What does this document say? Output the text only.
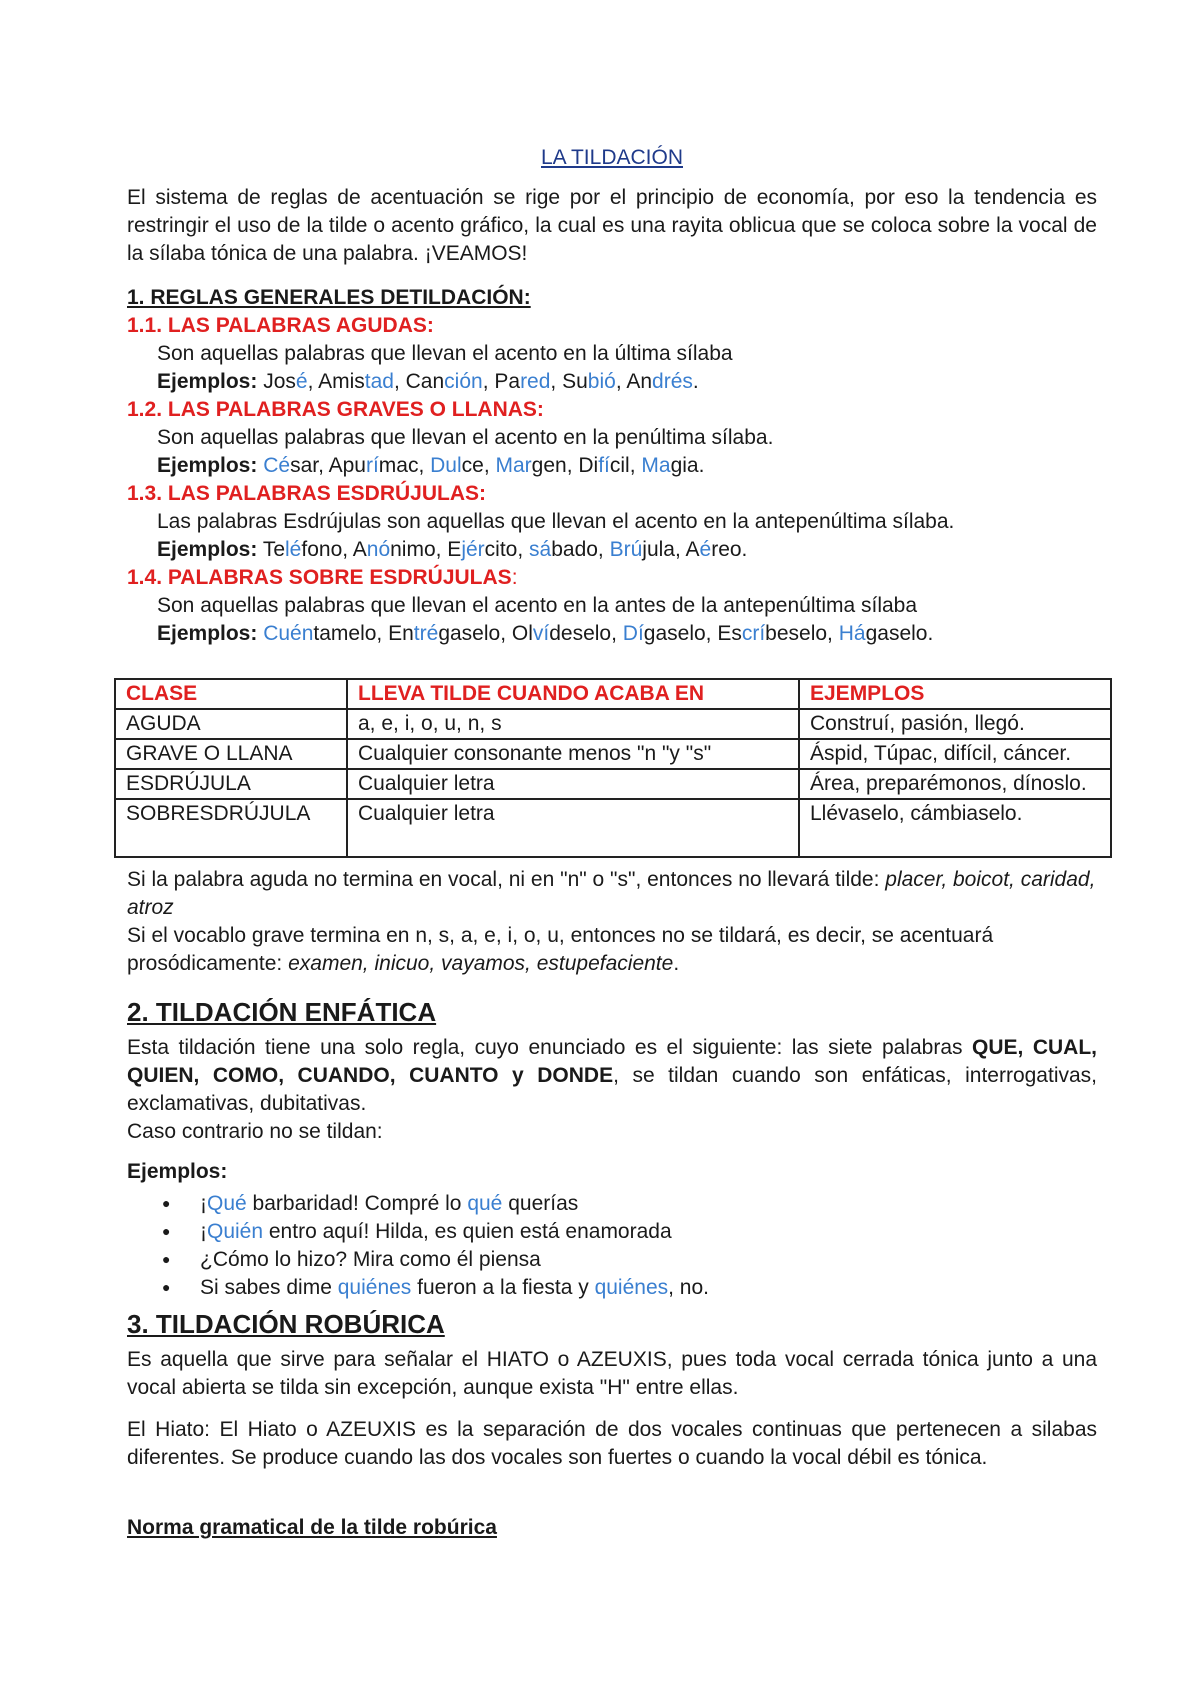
LA TILDACIÓN

El sistema de reglas de acentuación se rige por el principio de economía, por eso la tendencia es restringir el uso de la tilde o acento gráfico, la cual es una rayita oblicua que se coloca sobre la vocal de la sílaba tónica de una palabra. ¡VEAMOS!

1. REGLAS GENERALES DETILDACIÓN:

1.1. LAS PALABRAS AGUDAS:

Son aquellas palabras que llevan el acento en la última sílaba

Ejemplos: José, Amistad, Canción, Pared, Subió, Andrés.

1.2. LAS PALABRAS GRAVES O LLANAS:

Son aquellas palabras que llevan el acento en la penúltima sílaba.

Ejemplos: César, Apurímac, Dulce, Margen, Difícil, Magia.

1.3. LAS PALABRAS ESDRÚJULAS:

Las palabras Esdrújulas son aquellas que llevan el acento en la antepenúltima sílaba.

Ejemplos: Teléfono, Anónimo, Ejército, sábado, Brújula, Aéreo.

1.4. PALABRAS SOBRE ESDRÚJULAS:

Son aquellas palabras que llevan el acento en la antes de la antepenúltima sílaba

Ejemplos: Cuéntamelo, Entrégaselo, Olvídeselo, Dígaselo, Escríbeselo, Hágaselo.

CLASE	LLEVA TILDE CUANDO ACABA EN	EJEMPLOS
AGUDA	a, e, i, o, u, n, s	Construí, pasión, llegó.
GRAVE O LLANA	Cualquier consonante menos "n "y "s"	Áspid, Túpac, difícil, cáncer.
ESDRÚJULA	Cualquier letra	Área, preparémonos, dínoslo.
SOBRESDRÚJULA	Cualquier letra	Llévaselo, cámbiaselo.

Si la palabra aguda no termina en vocal, ni en "n" o "s", entonces no llevará tilde: placer, boicot, caridad, atroz

Si el vocablo grave termina en n, s, a, e, i, o, u, entonces no se tildará, es decir, se acentuará prosódicamente: examen, inicuo, vayamos, estupefaciente.

2. TILDACIÓN ENFÁTICA

Esta tildación tiene una solo regla, cuyo enunciado es el siguiente: las siete palabras QUE, CUAL, QUIEN, COMO, CUANDO, CUANTO y DONDE, se tildan cuando son enfáticas, interrogativas, exclamativas, dubitativas.

Caso contrario no se tildan:

Ejemplos:

● ¡Qué barbaridad! Compré lo qué querías
● ¡Quién entro aquí! Hilda, es quien está enamorada
● ¿Cómo lo hizo? Mira como él piensa
● Si sabes dime quiénes fueron a la fiesta y quiénes, no.

3. TILDACIÓN ROBÚRICA

Es aquella que sirve para señalar el HIATO o AZEUXIS, pues toda vocal cerrada tónica junto a una vocal abierta se tilda sin excepción, aunque exista "H" entre ellas.

El Hiato: El Hiato o AZEUXIS es la separación de dos vocales continuas que pertenecen a silabas diferentes. Se produce cuando las dos vocales son fuertes o cuando la vocal débil es tónica.

Norma gramatical de la tilde robúrica
